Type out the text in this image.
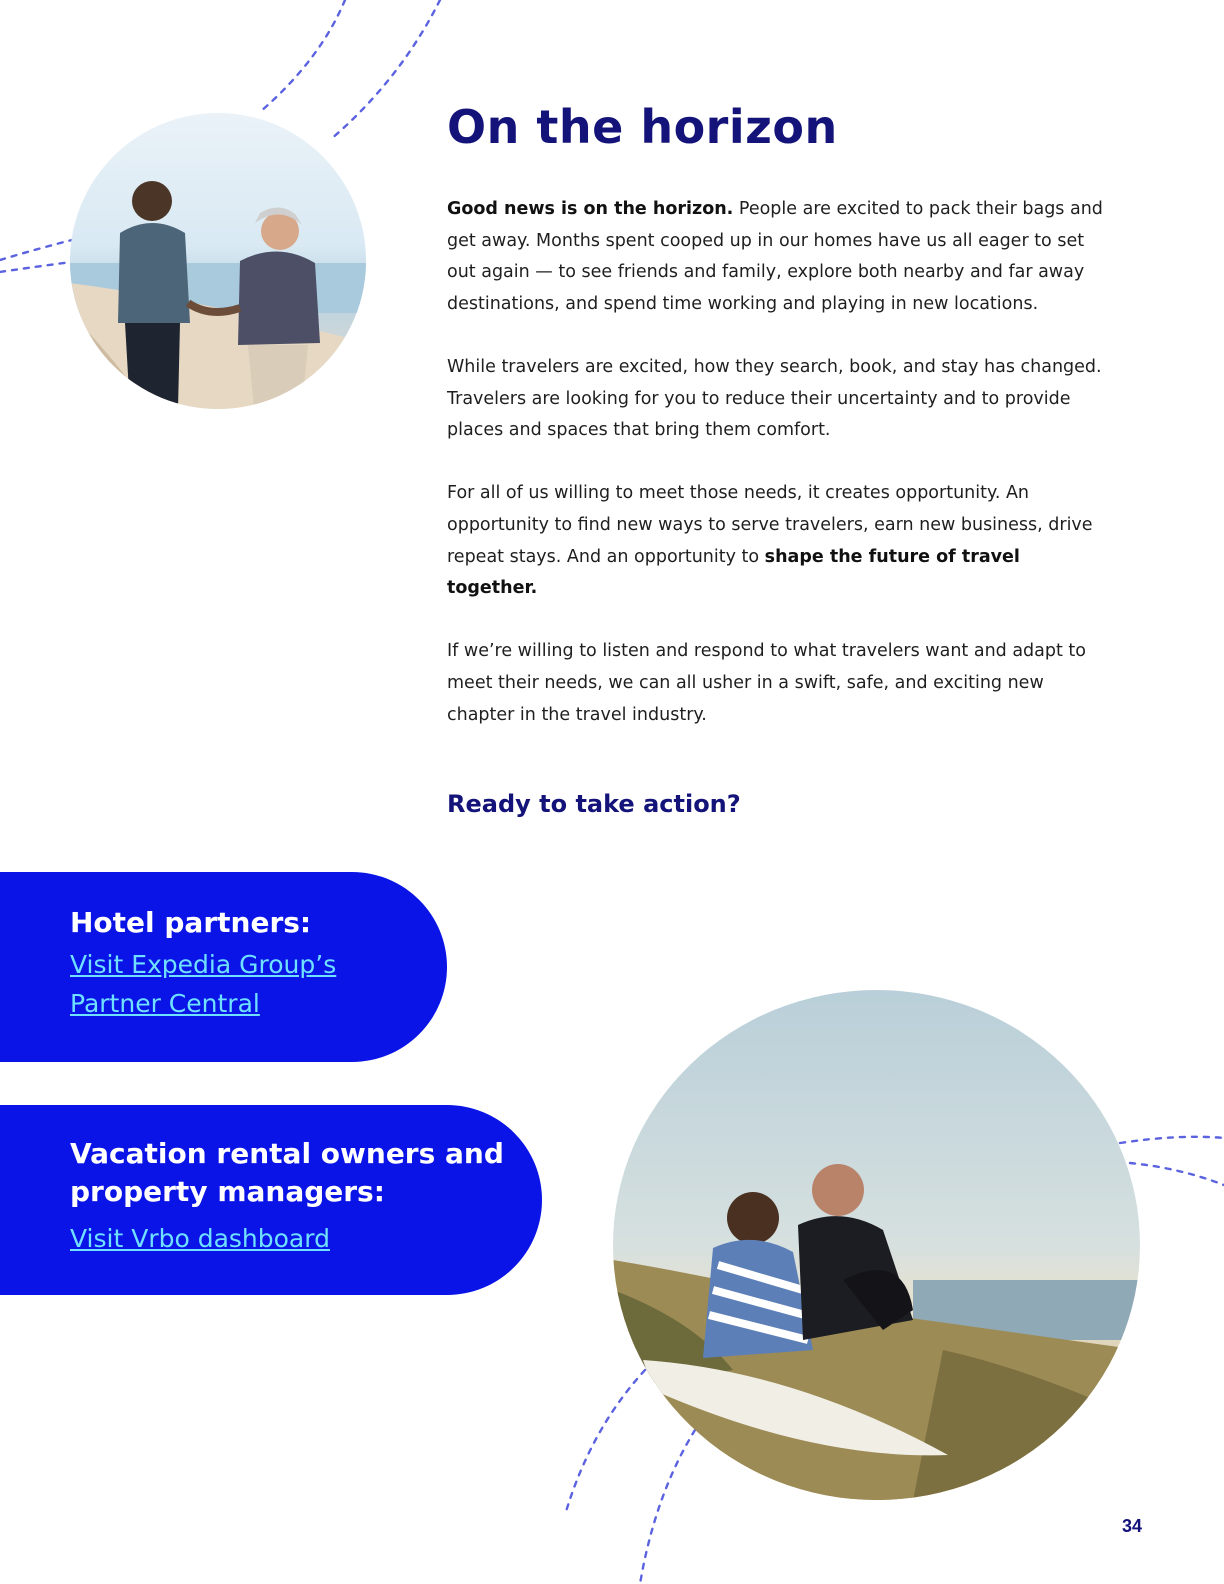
On the horizon

Good news is on the horizon. People are excited to pack their bags and get away. Months spent cooped up in our homes have us all eager to set out again — to see friends and family, explore both nearby and far away destinations, and spend time working and playing in new locations.

While travelers are excited, how they search, book, and stay has changed. Travelers are looking for you to reduce their uncertainty and to provide places and spaces that bring them comfort.

For all of us willing to meet those needs, it creates opportunity. An opportunity to find new ways to serve travelers, earn new business, drive repeat stays. And an opportunity to shape the future of travel together.

If we’re willing to listen and respond to what travelers want and adapt to meet their needs, we can all usher in a swift, safe, and exciting new chapter in the travel industry.

Ready to take action?
Hotel partners:
Visit Expedia Group’s Partner Central
Vacation rental owners and property managers:
Visit Vrbo dashboard
34
